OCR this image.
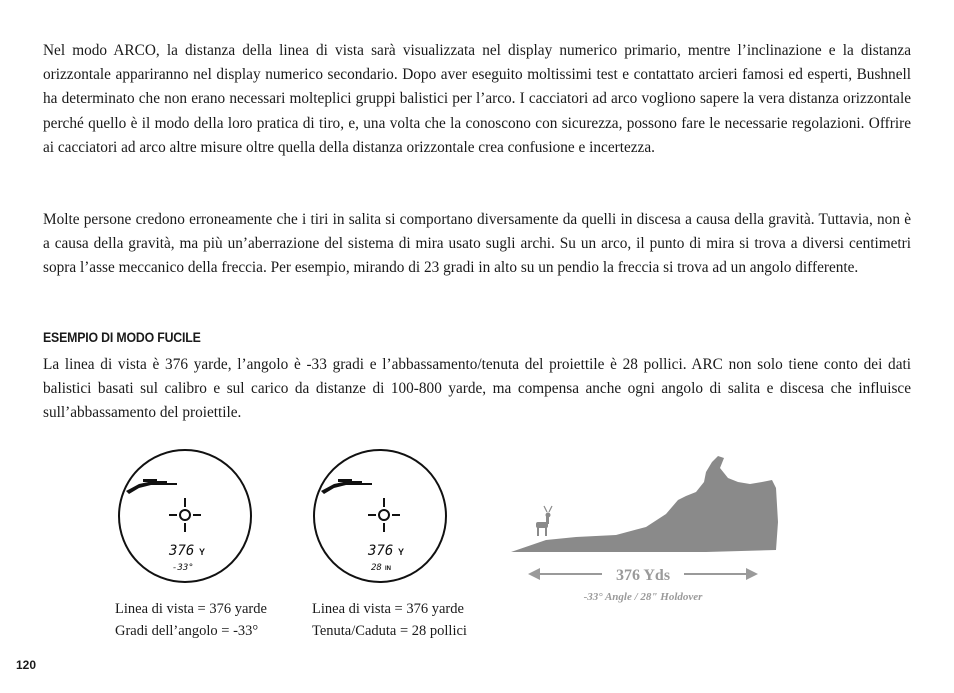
Nel modo ARCO, la distanza della linea di vista sarà visualizzata nel display numerico primario, mentre l’inclinazione e la distanza orizzontale appariranno nel display numerico secondario. Dopo aver eseguito moltissimi test e contattato arcieri famosi ed esperti, Bushnell ha determinato che non erano necessari molteplici gruppi balistici per l’arco. I cacciatori ad arco vogliono sapere la vera distanza orizzontale perché quello è il modo della loro pratica di tiro, e, una volta che la conoscono con sicurezza, possono fare le necessarie regolazioni. Offrire ai cacciatori ad arco altre misure oltre quella della distanza orizzontale crea confusione e incertezza.

Molte persone credono erroneamente che i tiri in salita si comportano diversamente da quelli in discesa a causa della gravità. Tuttavia, non è a causa della gravità, ma più un’aberrazione del sistema di mira usato sugli archi. Su un arco, il punto di mira si trova a diversi centimetri sopra l’asse meccanico della freccia. Per esempio, mirando di 23 gradi in alto su un pendio la freccia si trova ad un angolo differente.

ESEMPIO DI MODO FUCILE

La linea di vista è 376 yarde, l’angolo è -33 gradi e l’abbassamento/tenuta del proiettile è 28 pollici. ARC non solo tiene conto dei dati balistici basati sul calibro e sul carico da distanze di 100-800 yarde, ma compensa anche ogni angolo di salita e discesa che influisce sull’abbassamento del proiettile.

376 Y
-33°
376 Y
28 IN
Linea di vista = 376 yarde
Gradi dell’angolo = -33°
Linea di vista = 376 yarde
Tenuta/Caduta = 28 pollici
376 Yds
-33° Angle / 28" Holdover
120
